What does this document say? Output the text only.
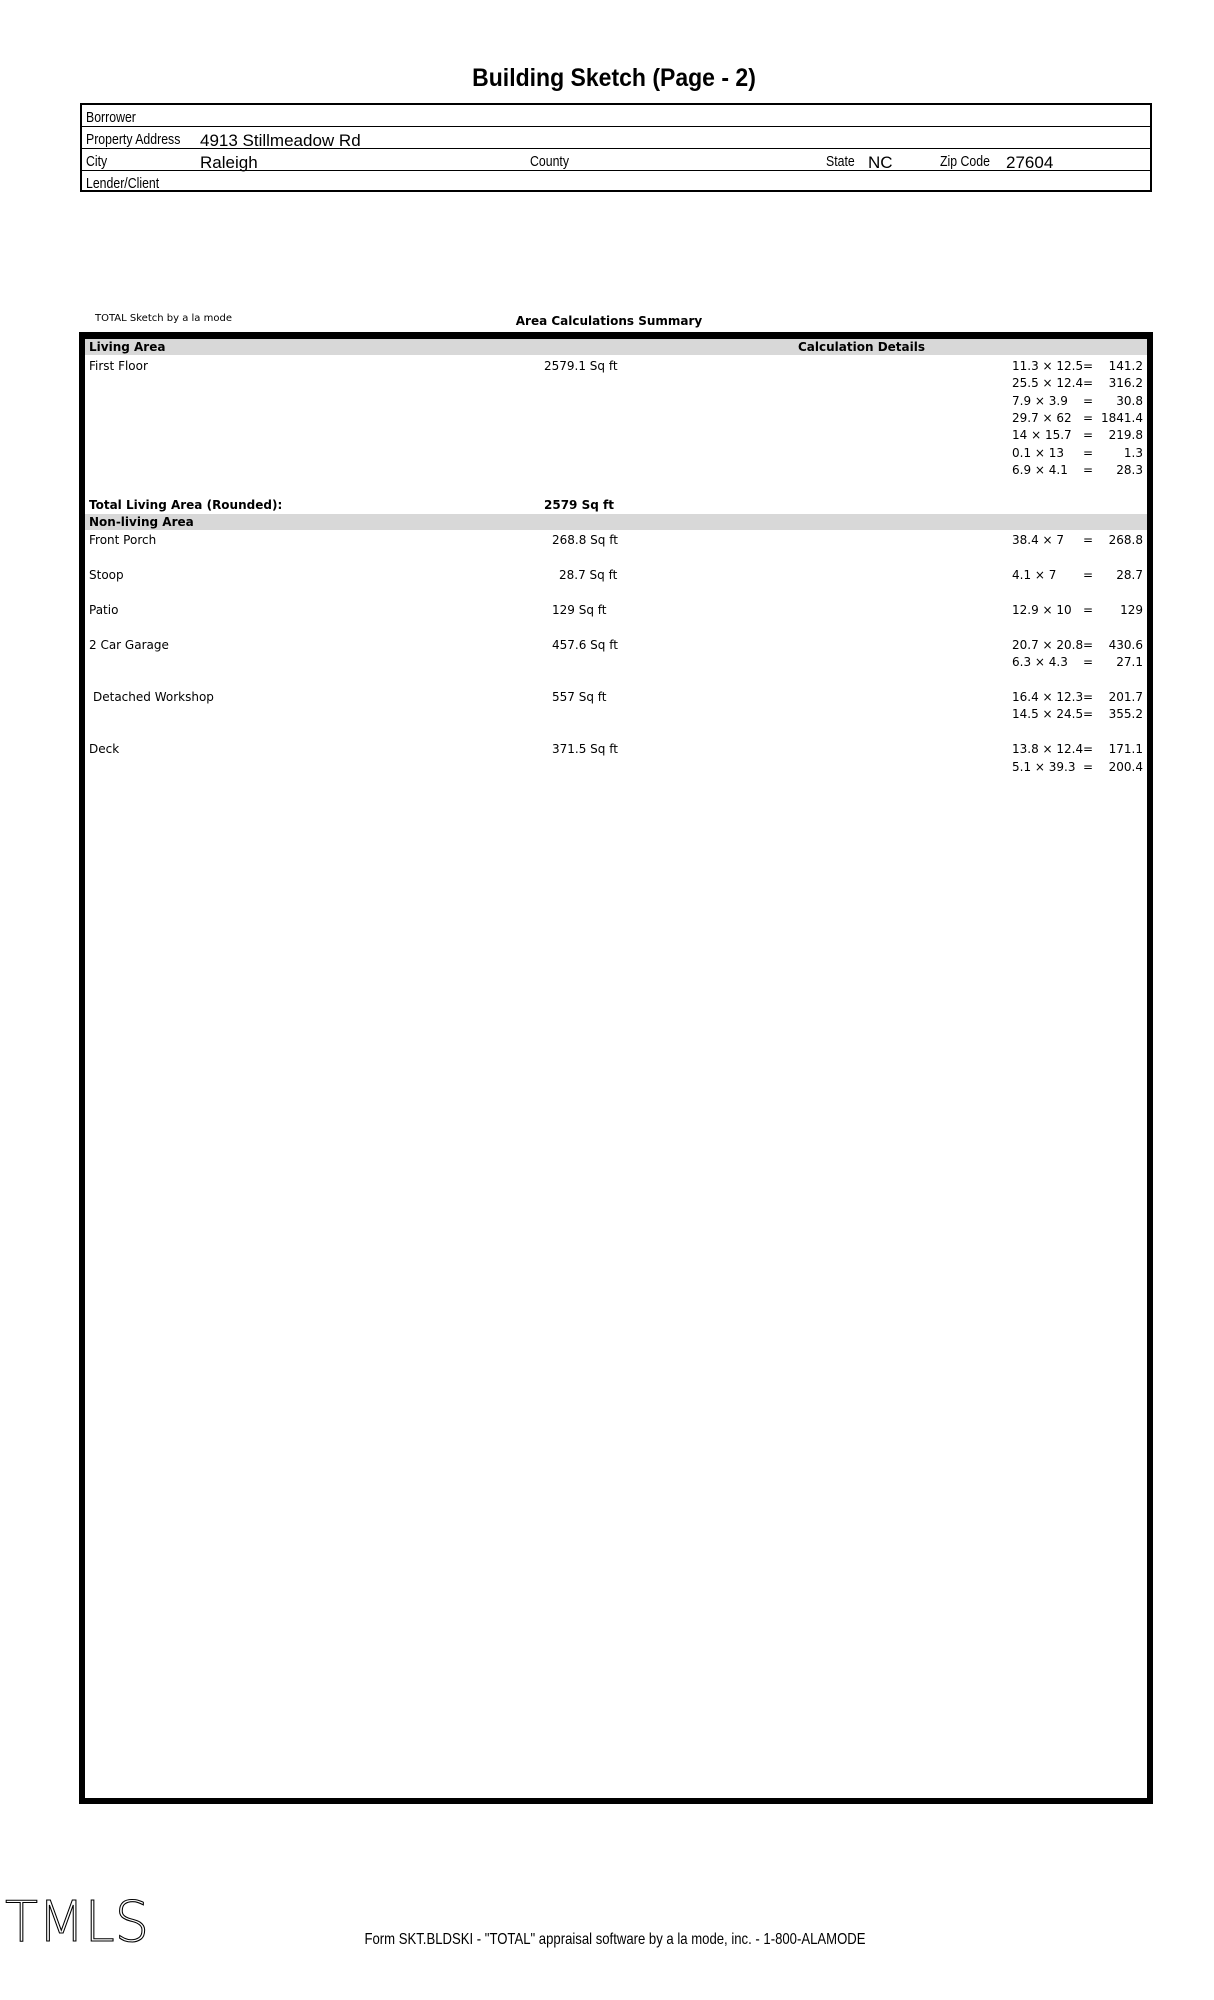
Building Sketch (Page - 2)
Borrower
Property Address 4913 Stillmeadow Rd
City	Raleigh	County	State NC	Zip Code 27604
Lender/Client
TOTAL Sketch by a la mode	Area Calculations Summary
Living Area	Calculation Details
First Floor	2579.1 Sq ft	11.3 × 12.5 = 141.2
25.5 × 12.4 = 316.2
7.9 × 3.9 = 30.8
29.7 × 62 = 1841.4
14 × 15.7 = 219.8
0.1 × 13 =	1.3
6.9 × 4.1 = 28.3
Total Living Area (Rounded):	2579 Sq ft
Non-living Area
Front Porch	268.8 Sq ft	38.4 × 7 = 268.8
Stoop	28.7 Sq ft	4.1 × 7 = 28.7
Patio	129 Sq ft	12.9 × 10 = 129
2 Car Garage	457.6 Sq ft	20.7 × 20.8 = 430.6
6.3 × 4.3 = 27.1
Detached Workshop	557 Sq ft	16.4 × 12.3 = 201.7
14.5 × 24.5 = 355.2
Deck	371.5 Sq ft	13.8 × 12.4 = 171.1
5.1 × 39.3 = 200.4
TMLS	Form SKT.BLDSKI - "TOTAL" appraisal software by a la mode, inc. - 1-800-ALAMODE
